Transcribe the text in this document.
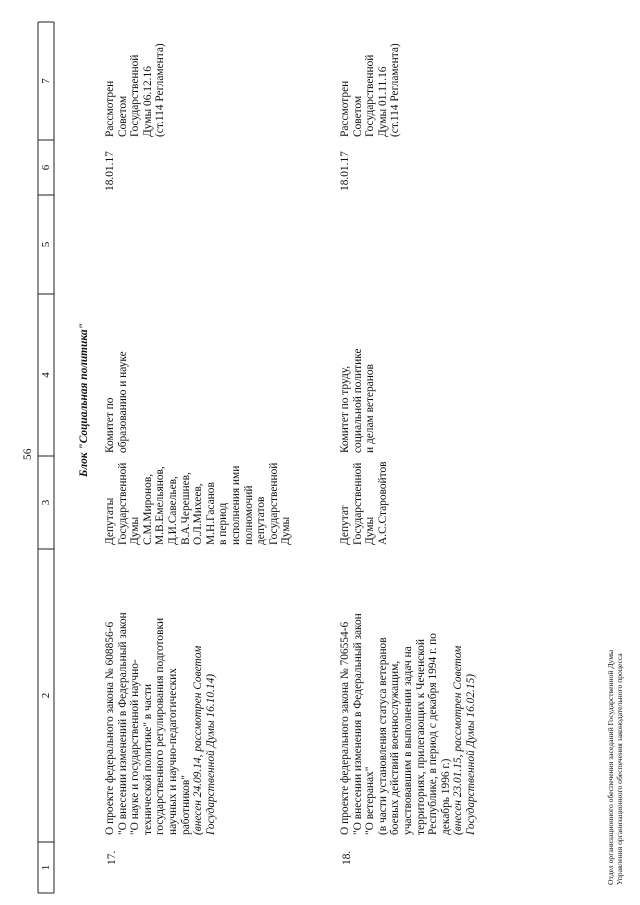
56
1
2
3
4
5
6
7
Блок "Социальная политика"
17.
О проекте федерального закона № 608856-6 "О внесении изменений в Федеральный закон "О науке и государственной научно- технической политике" в части государственного регулирования подготовки научных и научно-педагогических работников" (внесен 24.09.14, рассмотрен Советом Государственной Думы 16.10.14)
Депутаты Государственной Думы С.М.Миронов, М.В.Емельянов, Д.И.Савельев, В.А.Черешнев, О.Л.Михеев, М.Н.Гасанов в период исполнения ими полномочий депутатов Государственной Думы
Комитет по образованию и науке
18.01.17
Рассмотрен Советом Государственной Думы 06.12.16 (ст.114 Регламента)
18.
О проекте федерального закона № 706554-6 "О внесении изменения в Федеральный закон "О ветеранах" (в части установления статуса ветеранов боевых действий военнослужащим, участвовавшим в выполнении задач на территориях, прилегающих к Чеченской Республике, в период с декабря 1994 г. по декабрь 1996 г.) (внесен 23.01.15, рассмотрен Советом Государственной Думы 16.02.15)
Депутат Государственной Думы А.С.Старовойтов
Комитет по труду, социальной политике и делам ветеранов
18.01.17
Рассмотрен Советом Государственной Думы 01.11.16 (ст.114 Регламента)
Отдел организационного обеспечения заседаний Государственной Думы Управления организационного обеспечения законодательного процесса
